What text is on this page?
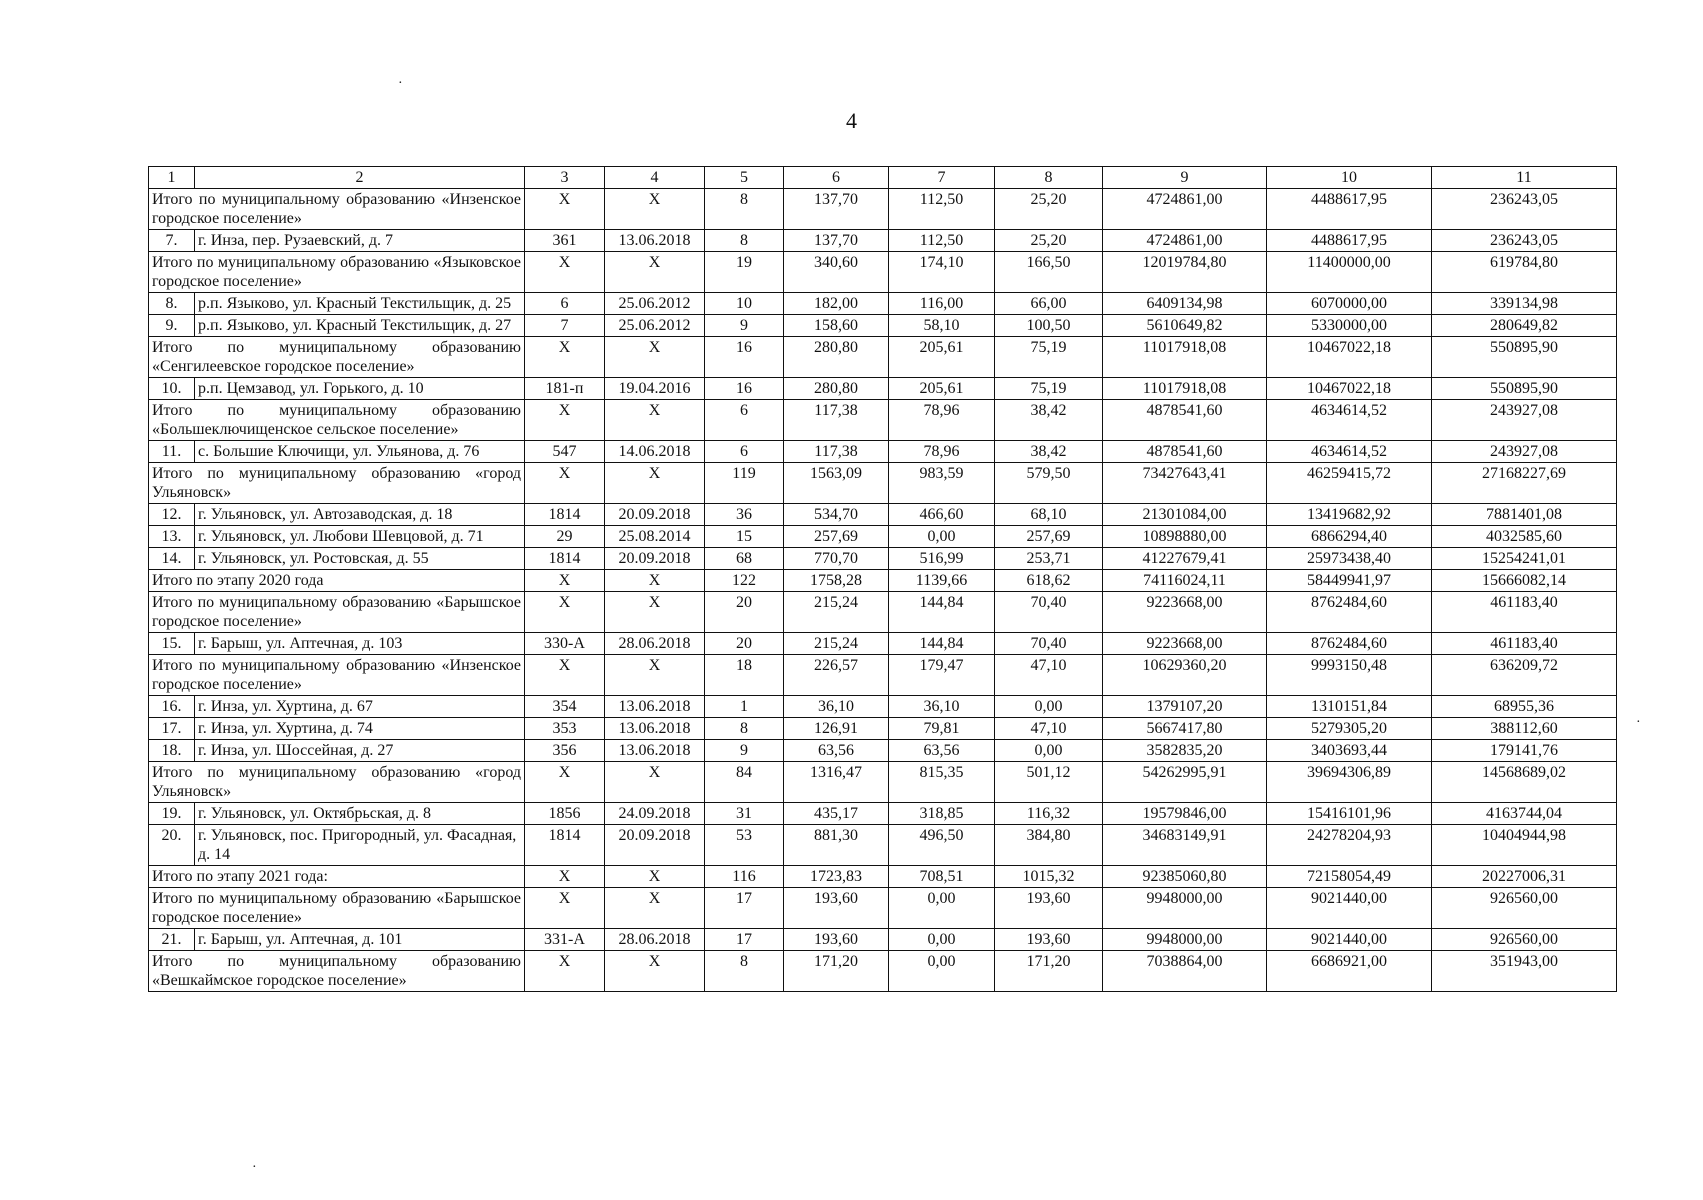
4
·
·
·
1	2	3	4	5	6	7	8	9	10	11
Итого по муниципальному образованию «Инзенское городское поселение»		Х	Х	8	137,70	112,50	25,20	4724861,00	4488617,95	236243,05
7.	г. Инза, пер. Рузаевский, д. 7	361	13.06.2018	8	137,70	112,50	25,20	4724861,00	4488617,95	236243,05
Итого по муниципальному образованию «Языковское городское поселение»		Х	Х	19	340,60	174,10	166,50	12019784,80	11400000,00	619784,80
8.	р.п. Языково, ул. Красный Текстильщик, д. 25	6	25.06.2012	10	182,00	116,00	66,00	6409134,98	6070000,00	339134,98
9.	р.п. Языково, ул. Красный Текстильщик, д. 27	7	25.06.2012	9	158,60	58,10	100,50	5610649,82	5330000,00	280649,82
Итого по муниципальному образованию «Сенгилеевское городское поселение»		Х	Х	16	280,80	205,61	75,19	11017918,08	10467022,18	550895,90
10.	р.п. Цемзавод, ул. Горького, д. 10	181-п	19.04.2016	16	280,80	205,61	75,19	11017918,08	10467022,18	550895,90
Итого по муниципальному образованию «Большеключищенское сельское поселение»		Х	Х	6	117,38	78,96	38,42	4878541,60	4634614,52	243927,08
11.	с. Большие Ключищи, ул. Ульянова, д. 76	547	14.06.2018	6	117,38	78,96	38,42	4878541,60	4634614,52	243927,08
Итого по муниципальному образованию «город Ульяновск»		Х	Х	119	1563,09	983,59	579,50	73427643,41	46259415,72	27168227,69
12.	г. Ульяновск, ул. Автозаводская, д. 18	1814	20.09.2018	36	534,70	466,60	68,10	21301084,00	13419682,92	7881401,08
13.	г. Ульяновск, ул. Любови Шевцовой, д. 71	29	25.08.2014	15	257,69	0,00	257,69	10898880,00	6866294,40	4032585,60
14.	г. Ульяновск, ул. Ростовская, д. 55	1814	20.09.2018	68	770,70	516,99	253,71	41227679,41	25973438,40	15254241,01
Итого по этапу 2020 года		Х	Х	122	1758,28	1139,66	618,62	74116024,11	58449941,97	15666082,14
Итого по муниципальному образованию «Барышское городское поселение»		Х	Х	20	215,24	144,84	70,40	9223668,00	8762484,60	461183,40
15.	г. Барыш, ул. Аптечная, д. 103	330-А	28.06.2018	20	215,24	144,84	70,40	9223668,00	8762484,60	461183,40
Итого по муниципальному образованию «Инзенское городское поселение»		Х	Х	18	226,57	179,47	47,10	10629360,20	9993150,48	636209,72
16.	г. Инза, ул. Хуртина, д. 67	354	13.06.2018	1	36,10	36,10	0,00	1379107,20	1310151,84	68955,36
17.	г. Инза, ул. Хуртина, д. 74	353	13.06.2018	8	126,91	79,81	47,10	5667417,80	5279305,20	388112,60
18.	г. Инза, ул. Шоссейная, д. 27	356	13.06.2018	9	63,56	63,56	0,00	3582835,20	3403693,44	179141,76
Итого по муниципальному образованию «город Ульяновск»		Х	Х	84	1316,47	815,35	501,12	54262995,91	39694306,89	14568689,02
19.	г. Ульяновск, ул. Октябрьская, д. 8	1856	24.09.2018	31	435,17	318,85	116,32	19579846,00	15416101,96	4163744,04
20.	г. Ульяновск, пос. Пригородный, ул. Фасадная, д. 14	1814	20.09.2018	53	881,30	496,50	384,80	34683149,91	24278204,93	10404944,98
Итого по этапу 2021 года:		Х	Х	116	1723,83	708,51	1015,32	92385060,80	72158054,49	20227006,31
Итого по муниципальному образованию «Барышское городское поселение»		Х	Х	17	193,60	0,00	193,60	9948000,00	9021440,00	926560,00
21.	г. Барыш, ул. Аптечная, д. 101	331-А	28.06.2018	17	193,60	0,00	193,60	9948000,00	9021440,00	926560,00
Итого по муниципальному образованию «Вешкаймское городское поселение»		Х	Х	8	171,20	0,00	171,20	7038864,00	6686921,00	351943,00
